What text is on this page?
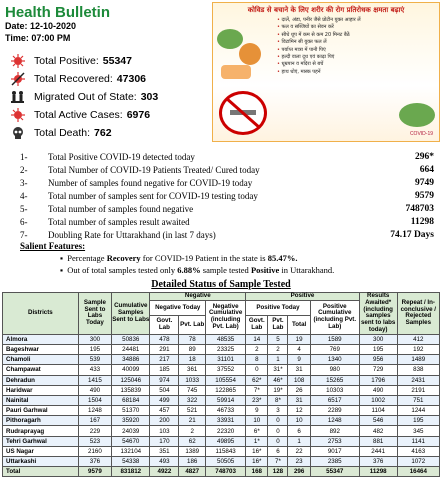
Health Bulletin
Date: 12-10-2020
Time: 07:00 PM
Total Positive: 55347
Total Recovered: 47306
Migrated Out of State: 303
Total Active Cases: 6976
Total Death: 762
कोविड से बचाने के लिए शरीर की रोग प्रतिरोधक क्षमता बढ़ाएं
• दालें, अंडा, पनीर जैसे प्रोटीन युक्त आहार लें
• फल व सब्जियों का सेवन करें
• सीधे धूप में कम से कम 20 मिनट बैठें
• विटामिन सी युक्त फल लें
• पर्याप्त मात्रा में पानी पिएं
• हल्दी वाला दूध एवं काढ़ा पिएं
• धूम्रपान व मदिरा से बचें
• हाथ धोएं, मास्क पहनें
COVID-19
1-	Total Positive COVID-19 detected today	296*
2-	Total Number of COVID-19 Patients Treated/ Cured today	664
3-	Number of samples found negative for COVID-19 today	9749
4-	Total number of samples sent for COVID-19 testing today	9579
5-	Total number of samples found negative	748703
6-	Total number of samples result awaited	11298
7-	Doubling Rate for Uttarakhand (in last 7 days)	74.17 Days
Salient Features:
▪  Percentage Recovery for COVID-19 Patient in the state is 85.47%.
▪  Out of total samples tested only 6.88% sample tested Positive in Uttarakhand.
Detailed Status of Sample Tested
Districts	Sample Sent to Labs Today	Cumulative Samples Sent to Labs	Negative			Positive				Results Awaited* (including samples sent to labs today)	Repeat / In-conclusive / Rejected Samples
			Negative Today		Negative Cumulative (including Pvt. Lab)	Positive Today			Positive Cumulative (including Pvt. Lab)		
			Govt. Lab	Pvt. Lab		Govt. Lab	Pvt. Lab	Total			
Almora	300	50836	478	78	48535	14	5	19	1589	300	412
Bageshwar	195	24481	291	89	23325	2	2	4	769	195	192
Chamoli	539	34886	217	18	31101	8	1	9	1340	956	1489
Champawat	433	40099	185	361	37552	0	31*	31	980	729	838
Dehradun	1415	125046	974	1033	105554	62*	46*	108	15265	1796	2431
Haridwar	490	135839	504	745	122865	7*	19*	26	10303	490	2191
Nainital	1504	68184	499	322	59914	23*	8*	31	6517	1002	751
Pauri Garhwal	1248	51370	457	521	46733	9	3	12	2289	1104	1244
Pithoragarh	167	35920	200	21	33931	10	0	10	1248	546	195
Rudraprayag	229	24039	103	2	22320	6*	0	6	892	482	345
Tehri Garhwal	523	54670	170	62	49895	1*	0	1	2753	881	1141
US Nagar	2160	132104	351	1389	115843	16*	6	22	9017	2441	4163
Uttarkashi	376	54338	493	186	50505	16*	7*	23	2385	376	1072
Total	9579	831812	4922	4827	748703	168	128	296	55347	11298	16464
